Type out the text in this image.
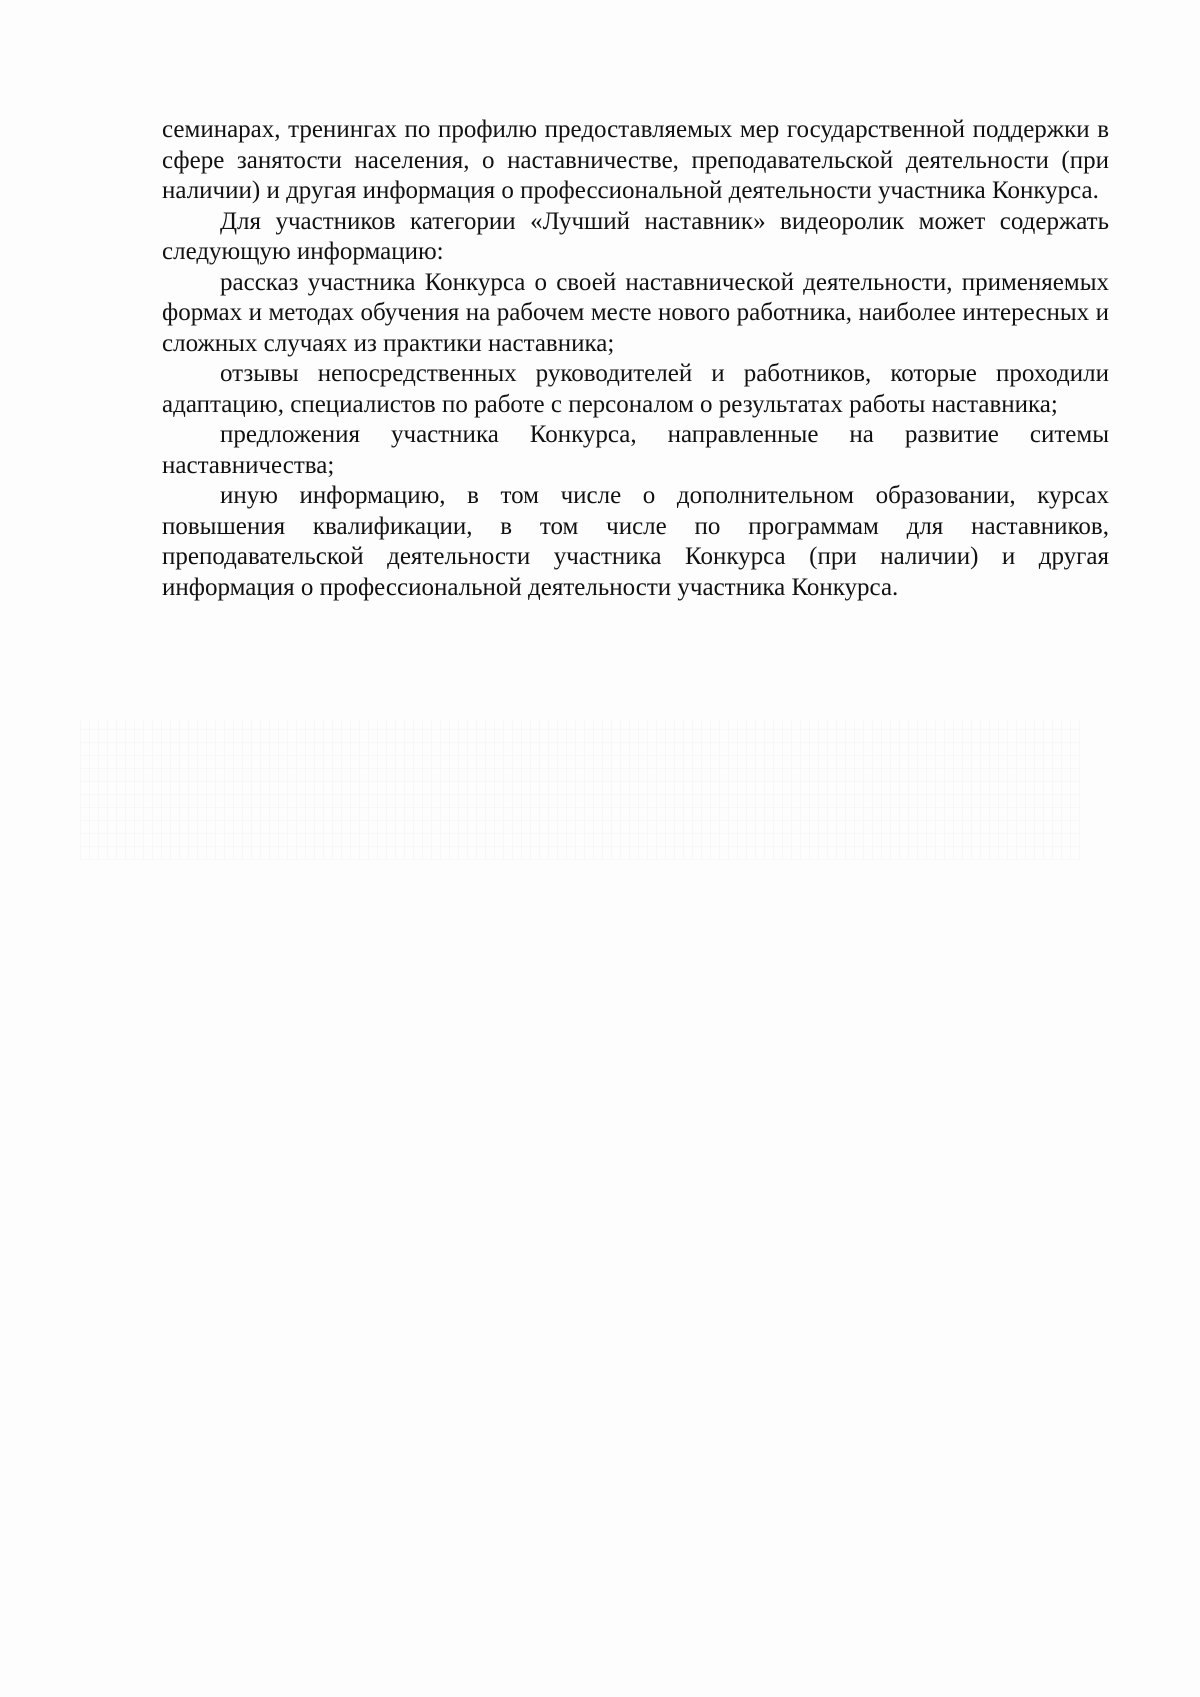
семинарах, тренингах по профилю предоставляемых мер государственной поддержки в сфере занятости населения, о наставничестве, преподавательской деятельности (при наличии) и другая информация о профессиональной деятельности участника Конкурса.

Для участников категории «Лучший наставник» видеоролик может содержать следующую информацию:

рассказ участника Конкурса о своей наставнической деятельности, применяемых формах и методах обучения на рабочем месте нового работника, наиболее интересных и сложных случаях из практики наставника;

отзывы непосредственных руководителей и работников, которые проходили адаптацию, специалистов по работе с персоналом о результатах работы наставника;

предложения участника Конкурса, направленные на развитие ситемы наставничества;

иную информацию, в том числе о дополнительном образовании, курсах повышения квалификации, в том числе по программам для наставников, преподавательской деятельности участника Конкурса (при наличии) и другая информация о профессиональной деятельности участника Конкурса.
